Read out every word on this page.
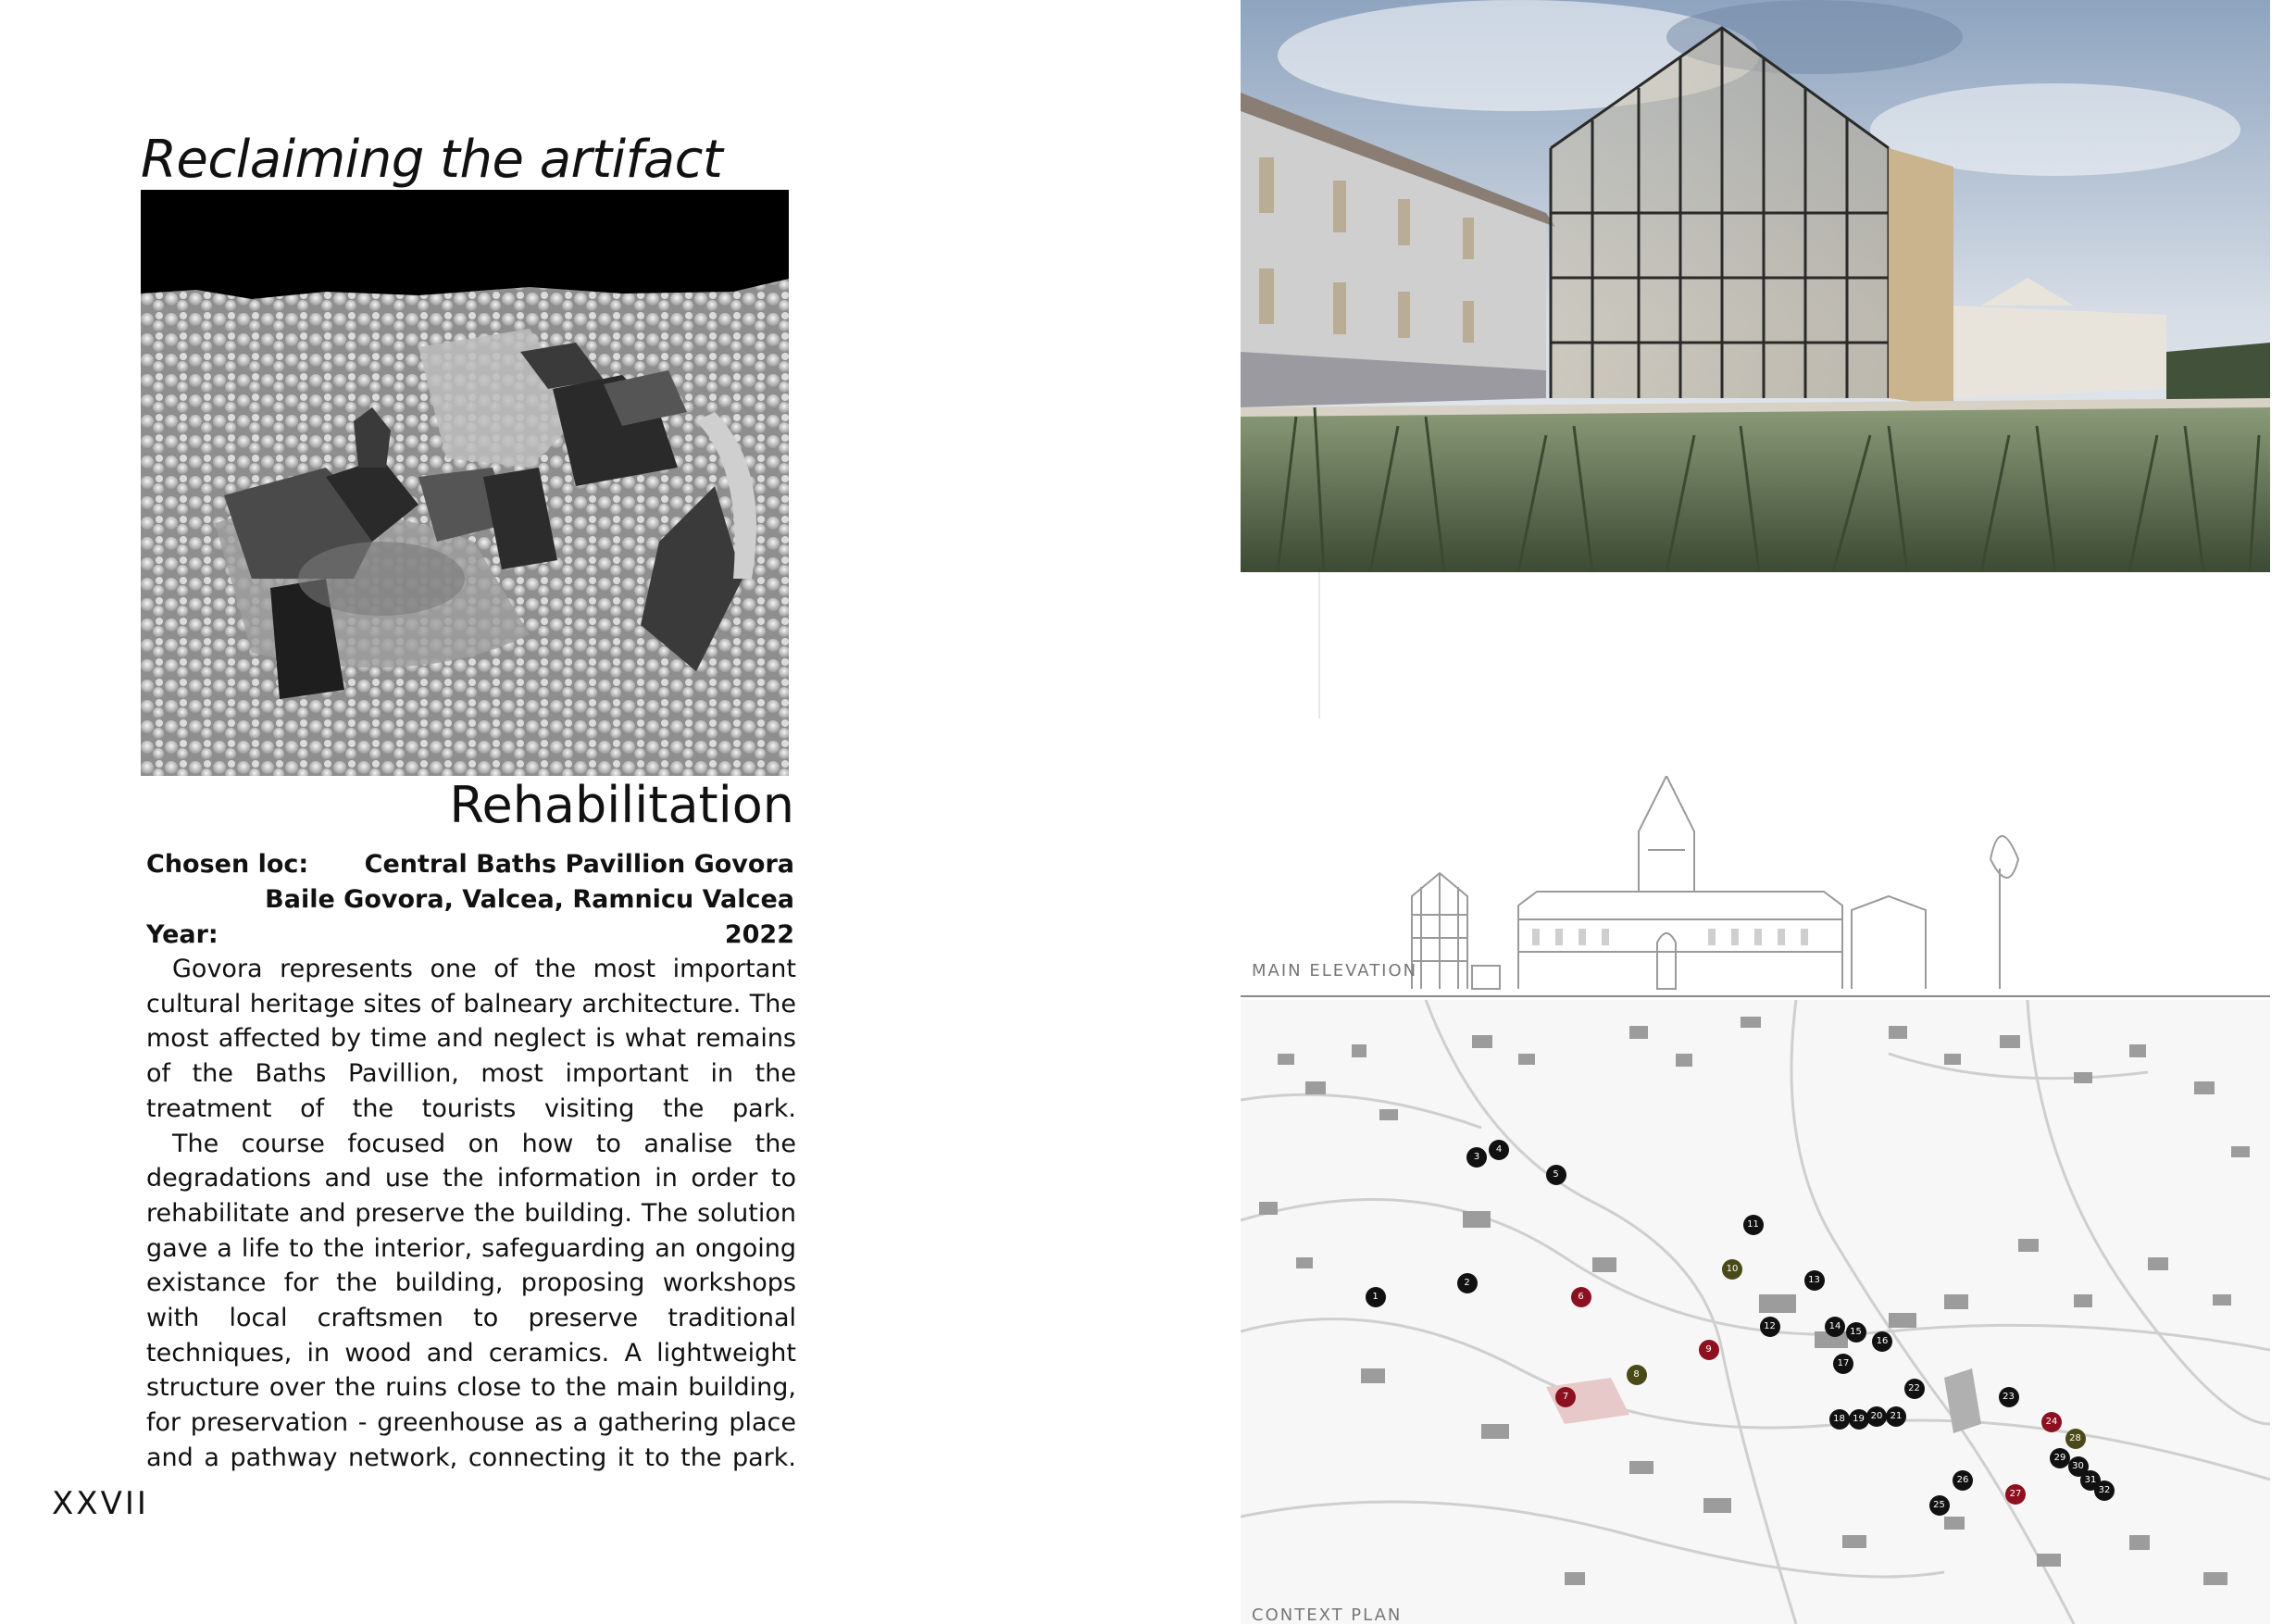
Reclaiming the artifact
Rehabilitation
Chosen loc: Central Baths Pavillion Govora
Baile Govora, Valcea, Ramnicu Valcea
Year:	2022

Govora represents one of the most important cultural heritage sites of balneary architecture. The most affected by time and neglect is what remains of the Baths Pavillion, most important in the treatment of the tourists visiting the park.

The course focused on how to analise the degradations and use the information in order to rehabilitate and preserve the building. The solution gave a life to the interior, safeguarding an ongoing existance for the building, proposing workshops with local craftsmen to preserve traditional techniques, in wood and ceramics. A lightweight structure over the ruins close to the main building, for preservation - greenhouse as a gathering place and a pathway network, connecting it to the park.

XXVII
MAIN ELEVATION
CONTEXT PLAN
1
2
3
4
5
6
7
8
9
10
11
12
13
14
15
16
17
18 19 20 21
22
23
24
25
26
27
28
29
30
31
32
